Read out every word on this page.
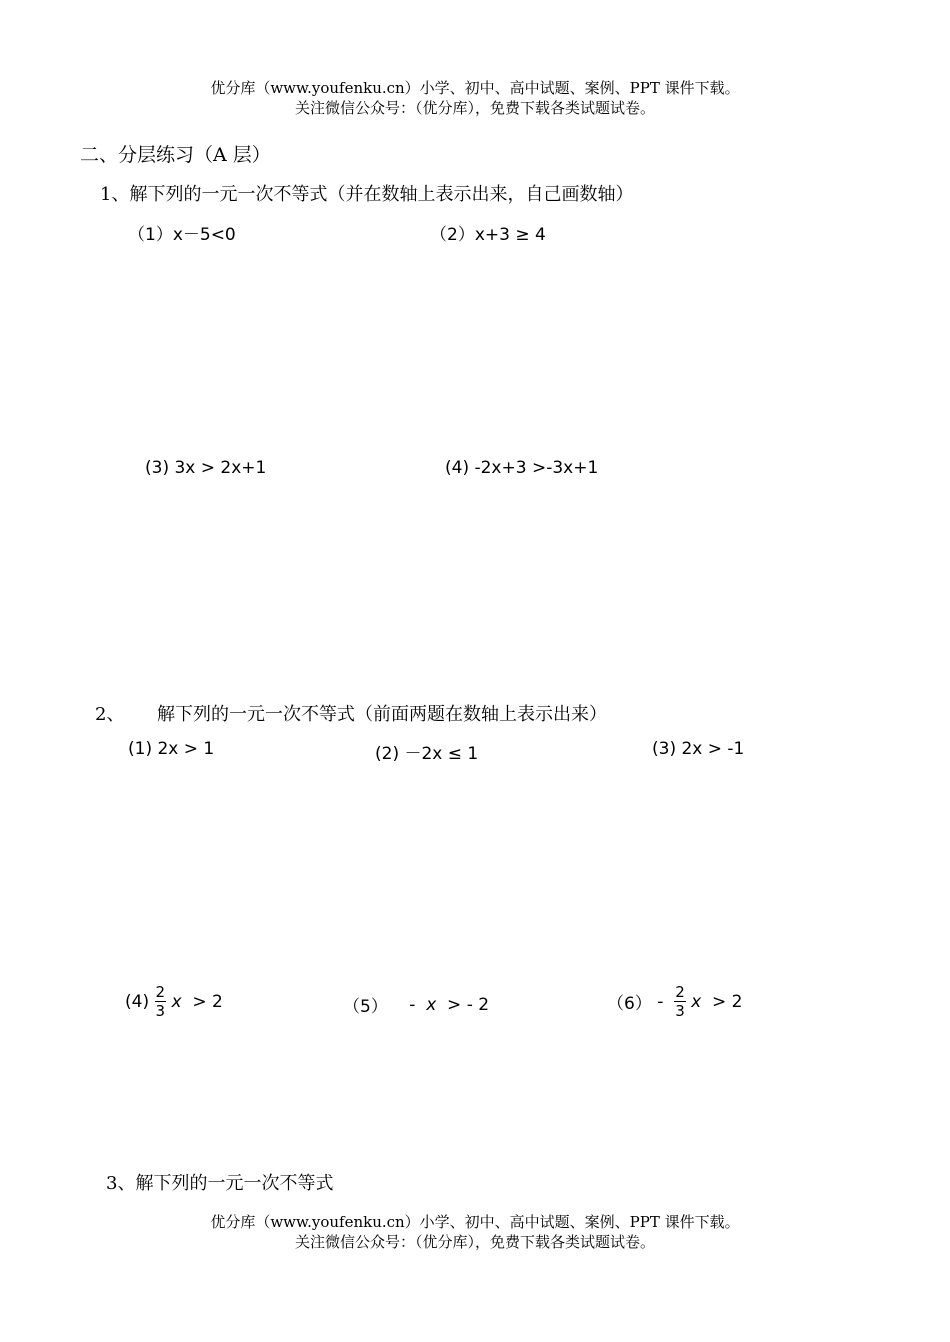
优分库（www.youfenku.cn）小学、初中、高中试题、案例、PPT 课件下载。
关注微信公众号：（优分库），免费下载各类试题试卷。
二、分层练习（A 层）
1、解下列的一元一次不等式（并在数轴上表示出来，自己画数轴）
（1）x－5<0	（2）x+3 ≥ 4
(3) 3x > 2x+1	(4) -2x+3 >-3x+1
2、 解下列的一元一次不等式（前面两题在数轴上表示出来）
(1) 2x > 1	(2) －2x ≤ 1	(3) 2x > -1
$(4) \frac{2}{3}$ x  > 2	（5） -  x  > - 2	$(6) - \frac{2}{3}$ x  > 2
3、解下列的一元一次不等式
优分库（www.youfenku.cn）小学、初中、高中试题、案例、PPT 课件下载。
关注微信公众号：（优分库），免费下载各类试题试卷。
